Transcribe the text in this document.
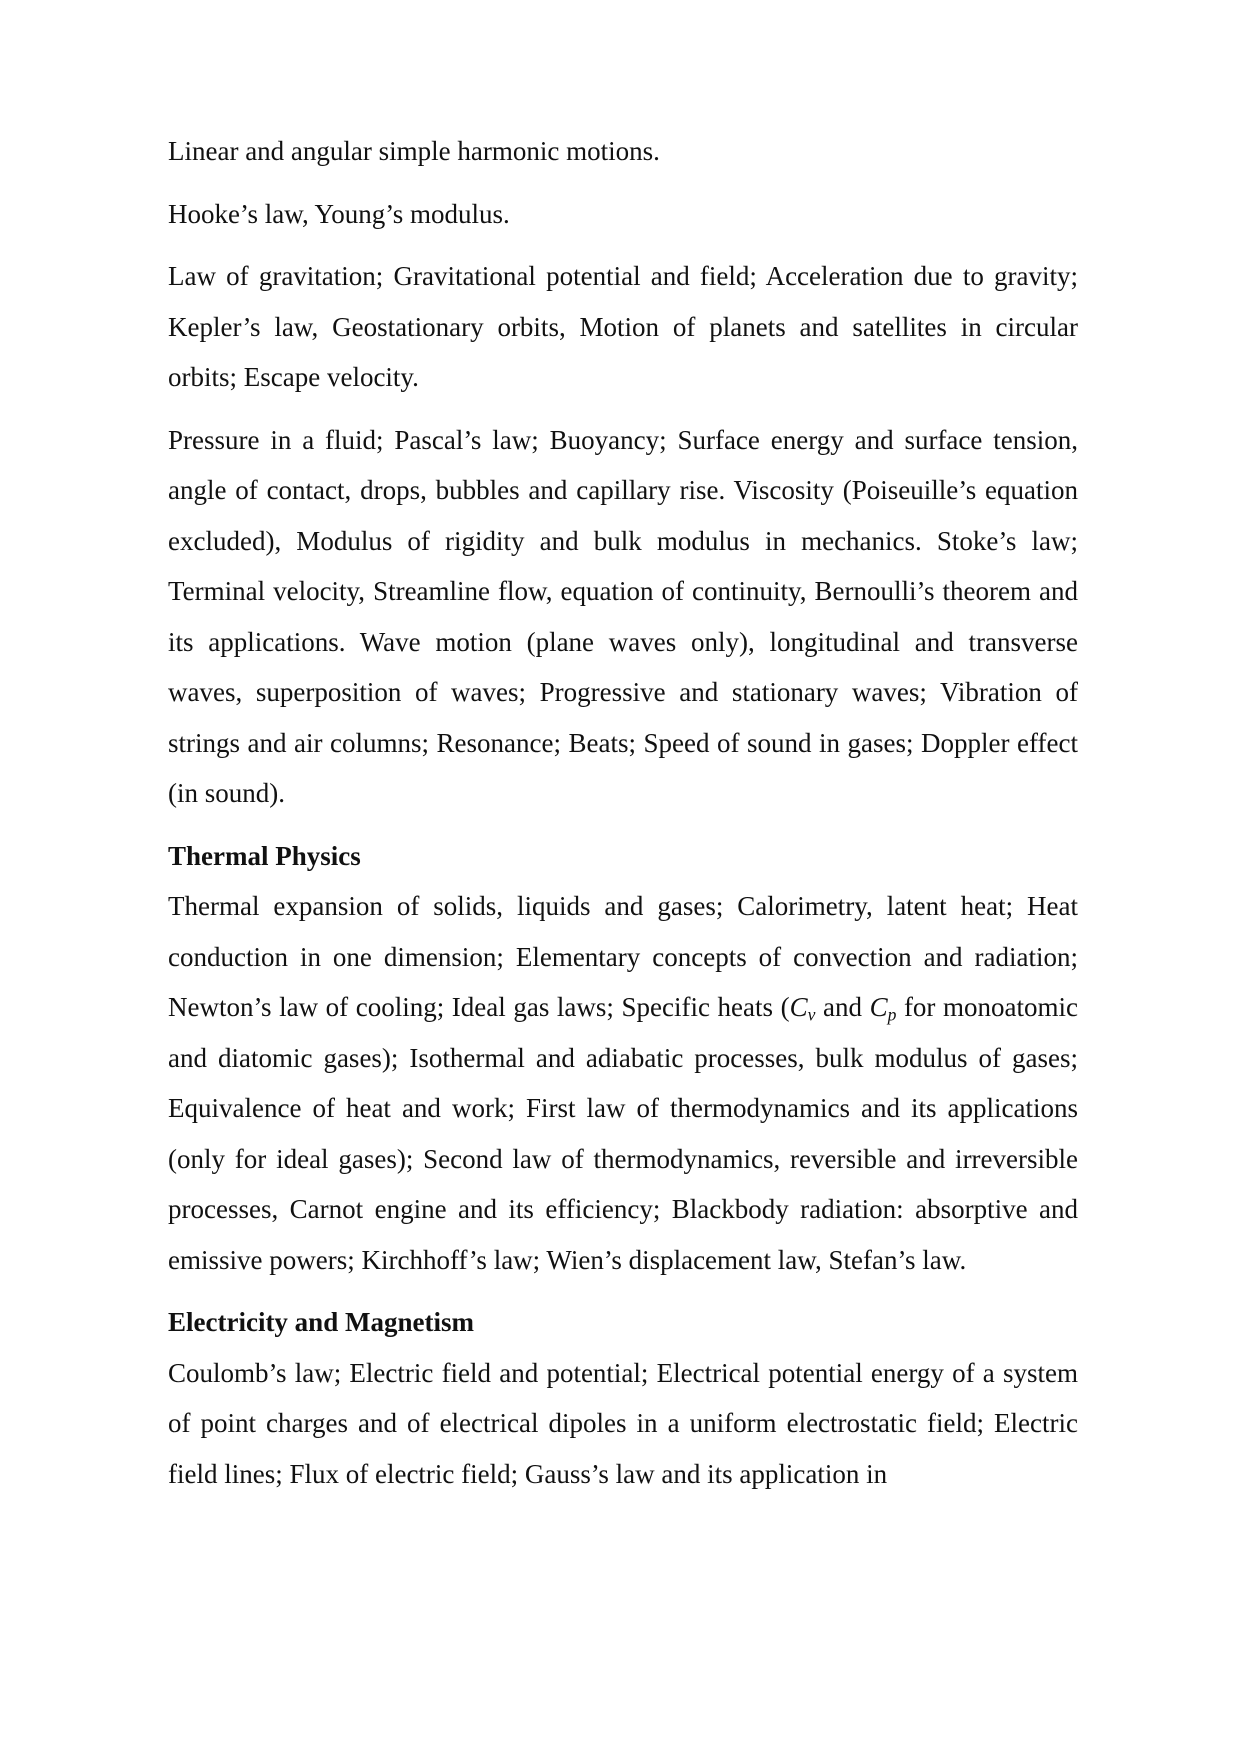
Linear and angular simple harmonic motions.

Hooke’s law, Young’s modulus.

Law of gravitation; Gravitational potential and field; Acceleration due to gravity; Kepler’s law, Geostationary orbits, Motion of planets and satellites in circular orbits; Escape velocity.

Pressure in a fluid; Pascal’s law; Buoyancy; Surface energy and surface tension, angle of contact, drops, bubbles and capillary rise. Viscosity (Poiseuille’s equation excluded), Modulus of rigidity and bulk modulus in mechanics. Stoke’s law; Terminal velocity, Streamline flow, equation of continuity, Bernoulli’s theorem and its applications. Wave motion (plane waves only), longitudinal and transverse waves, superposition of waves; Progressive and stationary waves; Vibration of strings and air columns; Resonance; Beats; Speed of sound in gases; Doppler effect (in sound).

Thermal Physics

Thermal expansion of solids, liquids and gases; Calorimetry, latent heat; Heat conduction in one dimension; Elementary concepts of convection and radiation; Newton’s law of cooling; Ideal gas laws; Specific heats ($C_v$ and $C_p$ for monoatomic and diatomic gases); Isothermal and adiabatic processes, bulk modulus of gases; Equivalence of heat and work; First law of thermodynamics and its applications (only for ideal gases); Second law of thermodynamics, reversible and irreversible processes, Carnot engine and its efficiency; Blackbody radiation: absorptive and emissive powers; Kirchhoff’s law; Wien’s displacement law, Stefan’s law.

Electricity and Magnetism

Coulomb’s law; Electric field and potential; Electrical potential energy of a system of point charges and of electrical dipoles in a uniform electrostatic field; Electric field lines; Flux of electric field; Gauss’s law and its application in
